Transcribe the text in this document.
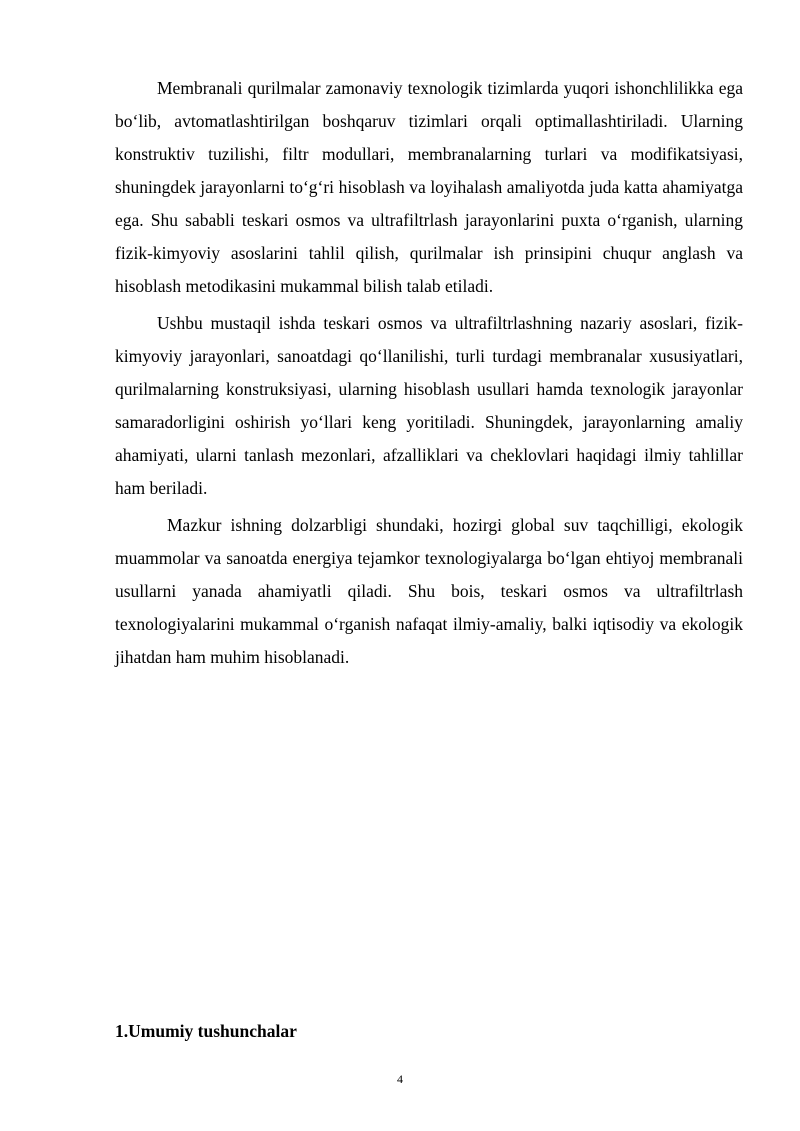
Membranali qurilmalar zamonaviy texnologik tizimlarda yuqori ishonchlilikka ega bo‘lib, avtomatlashtirilgan boshqaruv tizimlari orqali optimallashtiriladi. Ularning konstruktiv tuzilishi, filtr modullari, membranalarning turlari va modifikatsiyasi, shuningdek jarayonlarni to‘g‘ri hisoblash va loyihalash amaliyotda juda katta ahamiyatga ega. Shu sababli teskari osmos va ultrafiltrlash jarayonlarini puxta o‘rganish, ularning fizik-kimyoviy asoslarini tahlil qilish, qurilmalar ish prinsipini chuqur anglash va hisoblash metodikasini mukammal bilish talab etiladi.

Ushbu mustaqil ishda teskari osmos va ultrafiltrlashning nazariy asoslari, fizik-kimyoviy jarayonlari, sanoatdagi qo‘llanilishi, turli turdagi membranalar xususiyatlari, qurilmalarning konstruksiyasi, ularning hisoblash usullari hamda texnologik jarayonlar samaradorligini oshirish yo‘llari keng yoritiladi. Shuningdek, jarayonlarning amaliy ahamiyati, ularni tanlash mezonlari, afzalliklari va cheklovlari haqidagi ilmiy tahlillar ham beriladi.

Mazkur ishning dolzarbligi shundaki, hozirgi global suv taqchilligi, ekologik muammolar va sanoatda energiya tejamkor texnologiyalarga bo‘lgan ehtiyoj membranali usullarni yanada ahamiyatli qiladi. Shu bois, teskari osmos va ultrafiltrlash texnologiyalarini mukammal o‘rganish nafaqat ilmiy-amaliy, balki iqtisodiy va ekologik jihatdan ham muhim hisoblanadi.

1.Umumiy tushunchalar
4
